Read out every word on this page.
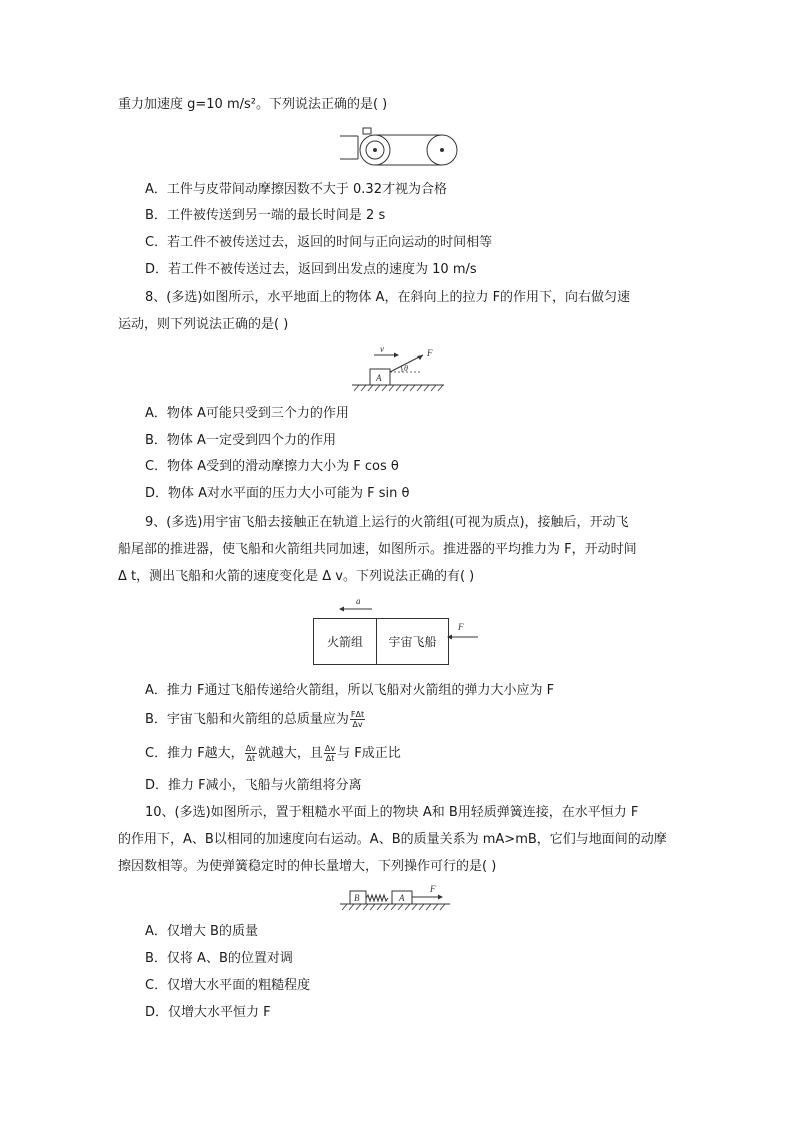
重力加速度 g=10 m/s²。下列说法正确的是( )
A．工件与皮带间动摩擦因数不大于 0.32才视为合格
B．工件被传送到另一端的最长时间是 2 s
C．若工件不被传送过去，返回的时间与正向运动的时间相等
D．若工件不被传送过去，返回到出发点的速度为 10 m/s
8、(多选)如图所示，水平地面上的物体 A，在斜向上的拉力 F的作用下，向右做匀速
运动，则下列说法正确的是( )
v
A
F
θ
A．物体 A可能只受到三个力的作用
B．物体 A一定受到四个力的作用
C．物体 A受到的滑动摩擦力大小为 F cos θ
D．物体 A对水平面的压力大小可能为 F sin θ
9、(多选)用宇宙飞船去接触正在轨道上运行的火箭组(可视为质点)，接触后，开动飞
船尾部的推进器，使飞船和火箭组共同加速，如图所示。推进器的平均推力为 F，开动时间
Δ t，测出飞船和火箭的速度变化是 Δ v。下列说法正确的有( )
a
火箭组	宇宙飞船
F
A．推力 F通过飞船传递给火箭组，所以飞船对火箭组的弹力大小应为 F
B．宇宙飞船和火箭组的总质量应为 $\frac{\text{FΔt}}{\Delta v}$
C．推力 F越大， $\frac{\Delta v}{\Delta t}$ 就越大，且 $\frac{\Delta v}{\Delta t}$ 与 F成正比
D．推力 F减小，飞船与火箭组将分离
10、(多选)如图所示，置于粗糙水平面上的物块 A和 B用轻质弹簧连接，在水平恒力 F
的作用下，A、B以相同的加速度向右运动。A、B的质量关系为 mA>mB，它们与地面间的动摩
擦因数相等。为使弹簧稳定时的伸长量增大，下列操作可行的是( )
B	A
F
A．仅增大 B的质量
B．仅将 A、B的位置对调
C．仅增大水平面的粗糙程度
D．仅增大水平恒力 F
